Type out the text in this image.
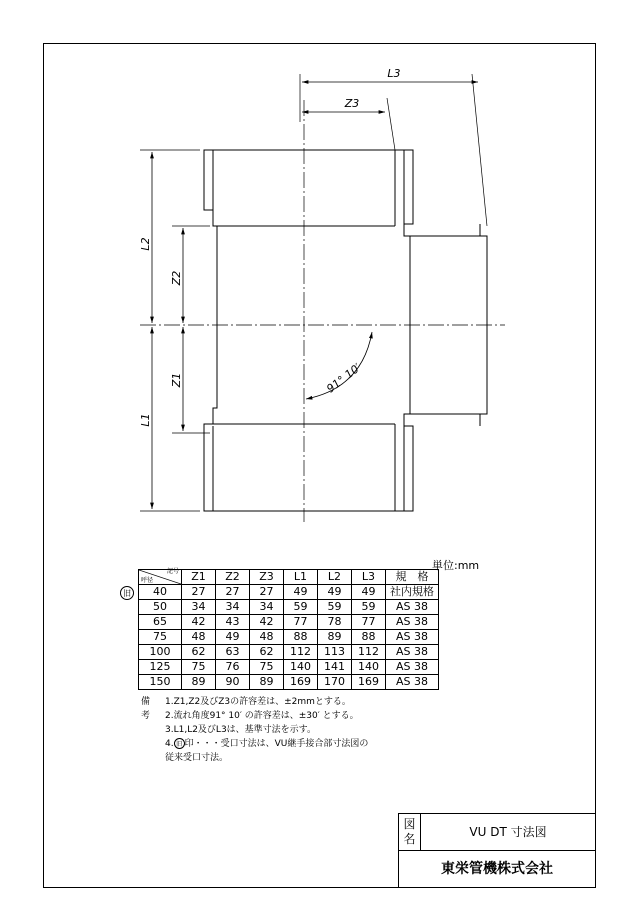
L2
L1
Z2
Z1
Z3
L3
91° 10′
単位:mm
旧
記号
呼径	Z1	Z2	Z3	L1	L2	L3	規　格
40	27	27	27	49	49	49	社内規格
50	34	34	34	59	59	59	AS 38
65	42	43	42	77	78	77	AS 38
75	48	49	48	88	89	88	AS 38
100	62	63	62	112	113	112	AS 38
125	75	76	75	140	141	140	AS 38
150	89	90	89	169	170	169	AS 38
備考
1.Z1,Z2及びZ3の許容差は、±2mmとする。
2.流れ角度91° 10′ の許容差は、±30′ とする。
3.L1,L2及びL3は、基準寸法を示す。
4. 旧 印・・・受口寸法は、VU継手接合部寸法図の
従来受口寸法。
図名	VU DT 寸法図
東栄管機株式会社
